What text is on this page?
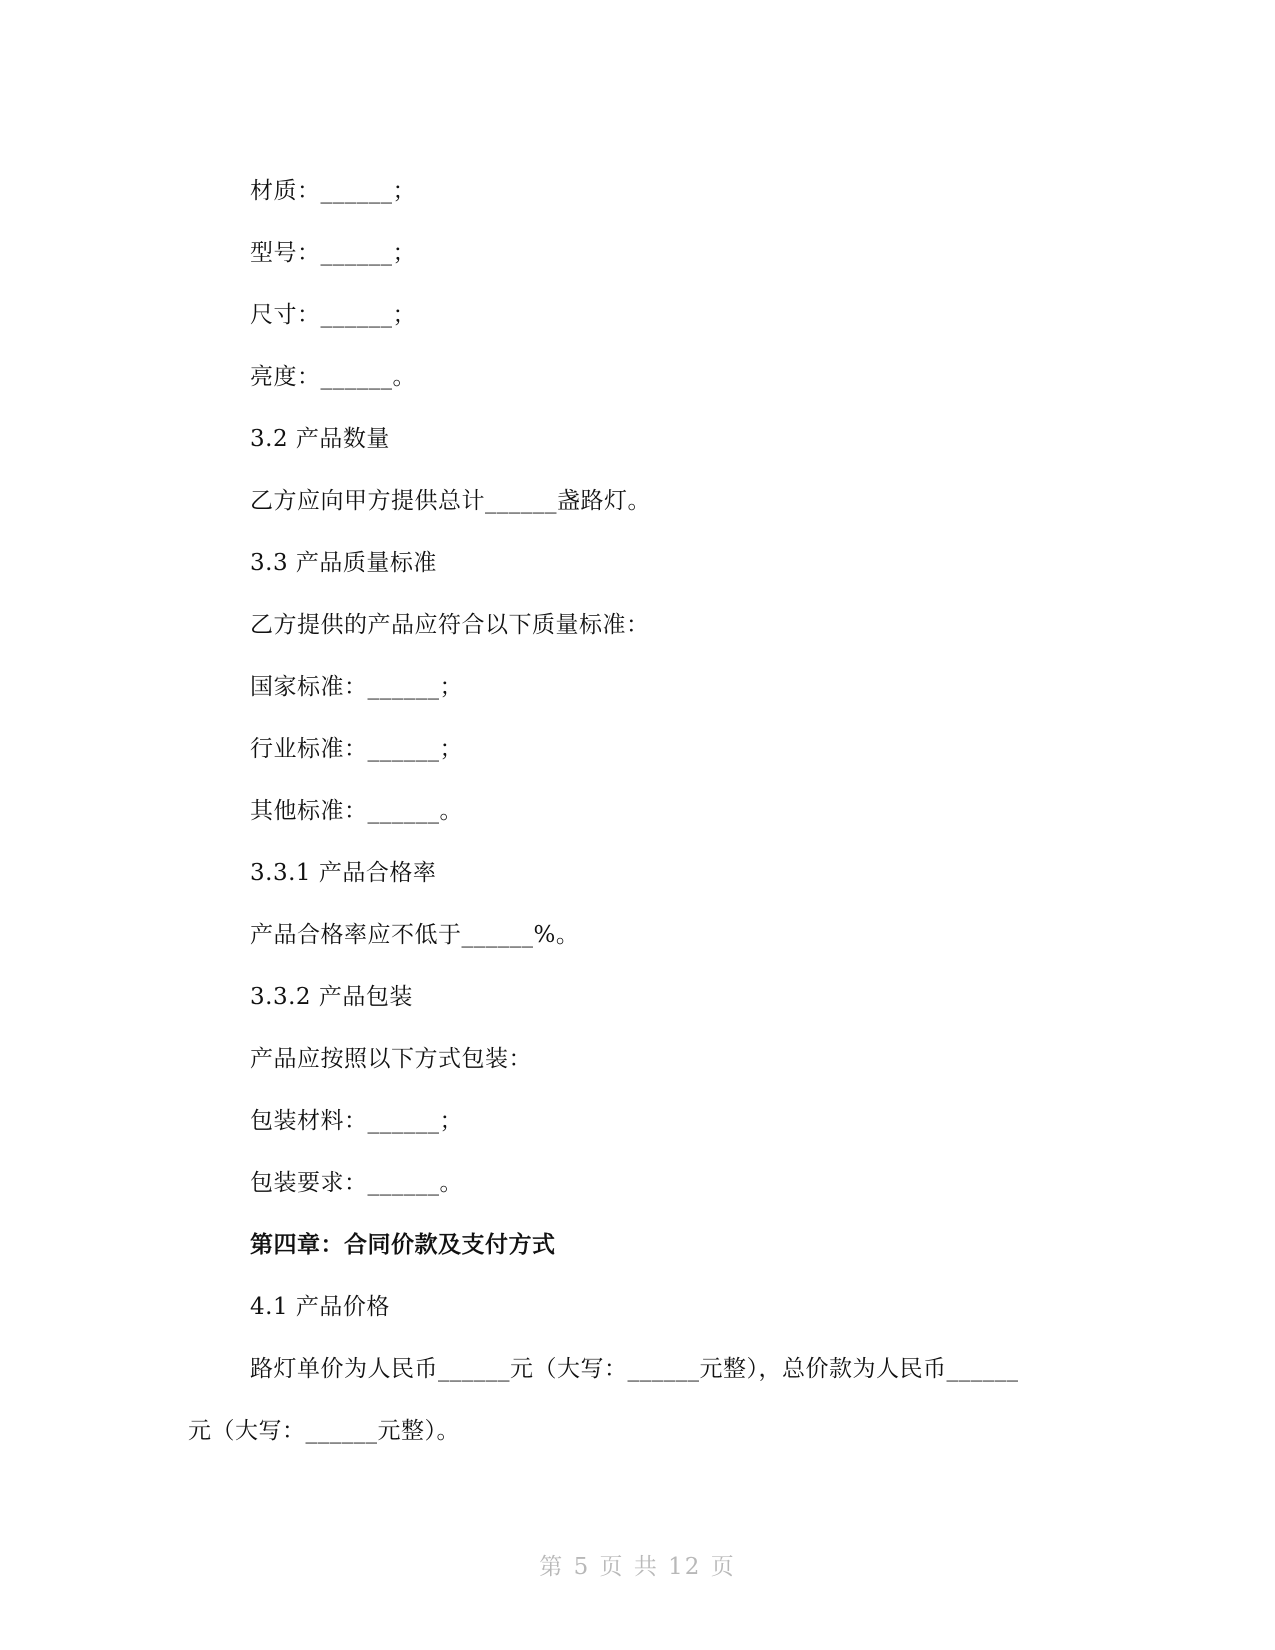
材质：______；
型号：______；
尺寸：______；
亮度：______。
3.2 产品数量
乙方应向甲方提供总计______盏路灯。
3.3 产品质量标准
乙方提供的产品应符合以下质量标准：
国家标准：______；
行业标准：______；
其他标准：______。
3.3.1 产品合格率
产品合格率应不低于______%。
3.3.2 产品包装
产品应按照以下方式包装：
包装材料：______；
包装要求：______。
第四章：合同价款及支付方式
4.1 产品价格
路灯单价为人民币______元（大写：______元整），总价款为人民币______
元（大写：______元整）。
第 5 页 共 12 页
